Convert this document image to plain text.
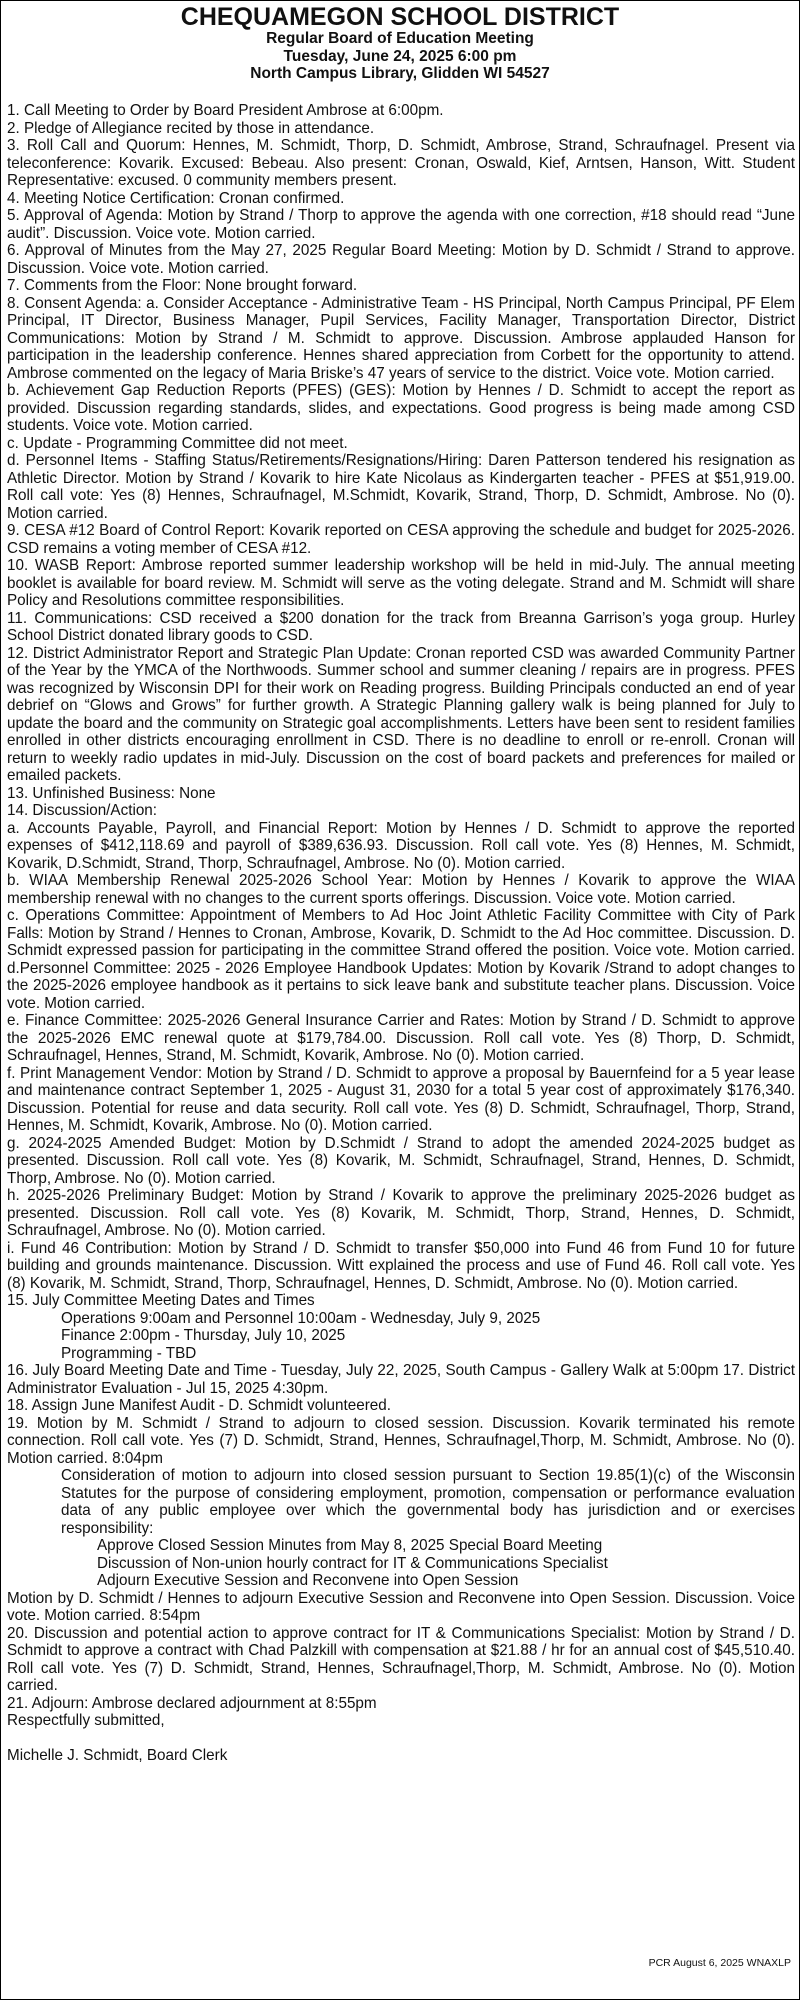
CHEQUAMEGON SCHOOL DISTRICT
Regular Board of Education Meeting
Tuesday, June 24, 2025 6:00 pm
North Campus Library, Glidden WI 54527

1. Call Meeting to Order by Board President Ambrose at 6:00pm.

2. Pledge of Allegiance recited by those in attendance.

3. Roll Call and Quorum: Hennes, M. Schmidt, Thorp, D. Schmidt, Ambrose, Strand, Schraufnagel. Present via teleconference: Kovarik. Excused: Bebeau. Also present: Cronan, Oswald, Kief, Arntsen, Hanson, Witt. Student Representative: excused. 0 community members present.

4. Meeting Notice Certification: Cronan confirmed.

5. Approval of Agenda: Motion by Strand / Thorp to approve the agenda with one correction, #18 should read “June audit”. Discussion. Voice vote. Motion carried.

6. Approval of Minutes from the May 27, 2025 Regular Board Meeting: Motion by D. Schmidt / Strand to approve. Discussion. Voice vote. Motion carried.

7. Comments from the Floor: None brought forward.

8. Consent Agenda: a. Consider Acceptance - Administrative Team - HS Principal, North Campus Principal, PF Elem Principal, IT Director, Business Manager, Pupil Services, Facility Manager, Transportation Director, District Communications: Motion by Strand / M. Schmidt to approve. Discussion. Ambrose applauded Hanson for participation in the leadership conference. Hennes shared appreciation from Corbett for the opportunity to attend. Ambrose commented on the legacy of Maria Briske’s 47 years of service to the district. Voice vote. Motion carried.

b. Achievement Gap Reduction Reports (PFES) (GES): Motion by Hennes / D. Schmidt to accept the report as provided. Discussion regarding standards, slides, and expectations. Good progress is being made among CSD students. Voice vote. Motion carried.

c. Update - Programming Committee did not meet.

d. Personnel Items - Staffing Status/Retirements/Resignations/Hiring: Daren Patterson tendered his resignation as Athletic Director. Motion by Strand / Kovarik to hire Kate Nicolaus as Kindergarten teacher - PFES at $51,919.00. Roll call vote: Yes (8) Hennes, Schraufnagel, M.Schmidt, Kovarik, Strand, Thorp, D. Schmidt, Ambrose. No (0). Motion carried.

9. CESA #12 Board of Control Report: Kovarik reported on CESA approving the schedule and budget for 2025-2026. CSD remains a voting member of CESA #12.

10. WASB Report: Ambrose reported summer leadership workshop will be held in mid-July. The annual meeting booklet is available for board review. M. Schmidt will serve as the voting delegate. Strand and M. Schmidt will share Policy and Resolutions committee responsibilities.

11. Communications: CSD received a $200 donation for the track from Breanna Garrison’s yoga group. Hurley School District donated library goods to CSD.

12. District Administrator Report and Strategic Plan Update: Cronan reported CSD was awarded Community Partner of the Year by the YMCA of the Northwoods. Summer school and summer cleaning / repairs are in progress. PFES was recognized by Wisconsin DPI for their work on Reading progress. Building Principals conducted an end of year debrief on “Glows and Grows” for further growth. A Strategic Planning gallery walk is being planned for July to update the board and the community on Strategic goal accomplishments. Letters have been sent to resident families enrolled in other districts encouraging enrollment in CSD. There is no deadline to enroll or re-enroll. Cronan will return to weekly radio updates in mid-July. Discussion on the cost of board packets and preferences for mailed or emailed packets.

13. Unfinished Business: None

14. Discussion/Action:

a. Accounts Payable, Payroll, and Financial Report: Motion by Hennes / D. Schmidt to approve the reported expenses of $412,118.69 and payroll of $389,636.93. Discussion. Roll call vote. Yes (8) Hennes, M. Schmidt, Kovarik, D.Schmidt, Strand, Thorp, Schraufnagel, Ambrose. No (0). Motion carried.

b. WIAA Membership Renewal 2025-2026 School Year: Motion by Hennes / Kovarik to approve the WIAA membership renewal with no changes to the current sports offerings. Discussion. Voice vote. Motion carried.

c. Operations Committee: Appointment of Members to Ad Hoc Joint Athletic Facility Committee with City of Park Falls: Motion by Strand / Hennes to Cronan, Ambrose, Kovarik, D. Schmidt to the Ad Hoc committee. Discussion. D. Schmidt expressed passion for participating in the committee Strand offered the position. Voice vote. Motion carried. d.Personnel Committee: 2025 - 2026 Employee Handbook Updates: Motion by Kovarik /Strand to adopt changes to the 2025-2026 employee handbook as it pertains to sick leave bank and substitute teacher plans. Discussion. Voice vote. Motion carried.

e. Finance Committee: 2025-2026 General Insurance Carrier and Rates: Motion by Strand / D. Schmidt to approve the 2025-2026 EMC renewal quote at $179,784.00. Discussion. Roll call vote. Yes (8) Thorp, D. Schmidt, Schraufnagel, Hennes, Strand, M. Schmidt, Kovarik, Ambrose. No (0). Motion carried.

f. Print Management Vendor: Motion by Strand / D. Schmidt to approve a proposal by Bauernfeind for a 5 year lease and maintenance contract September 1, 2025 - August 31, 2030 for a total 5 year cost of approximately $176,340. Discussion. Potential for reuse and data security. Roll call vote. Yes (8) D. Schmidt, Schraufnagel, Thorp, Strand, Hennes, M. Schmidt, Kovarik, Ambrose. No (0). Motion carried.

g. 2024-2025 Amended Budget: Motion by D.Schmidt / Strand to adopt the amended 2024-2025 budget as presented. Discussion. Roll call vote. Yes (8) Kovarik, M. Schmidt, Schraufnagel, Strand, Hennes, D. Schmidt, Thorp, Ambrose. No (0). Motion carried.

h. 2025-2026 Preliminary Budget: Motion by Strand / Kovarik to approve the preliminary 2025-2026 budget as presented. Discussion. Roll call vote. Yes (8) Kovarik, M. Schmidt, Thorp, Strand, Hennes, D. Schmidt, Schraufnagel, Ambrose. No (0). Motion carried.

i. Fund 46 Contribution: Motion by Strand / D. Schmidt to transfer $50,000 into Fund 46 from Fund 10 for future building and grounds maintenance. Discussion. Witt explained the process and use of Fund 46. Roll call vote. Yes (8) Kovarik, M. Schmidt, Strand, Thorp, Schraufnagel, Hennes, D. Schmidt, Ambrose. No (0). Motion carried.

15. July Committee Meeting Dates and Times

Operations 9:00am and Personnel 10:00am - Wednesday, July 9, 2025

Finance 2:00pm - Thursday, July 10, 2025

Programming - TBD

16. July Board Meeting Date and Time - Tuesday, July 22, 2025, South Campus - Gallery Walk at 5:00pm 17. District Administrator Evaluation - Jul 15, 2025 4:30pm.

18. Assign June Manifest Audit - D. Schmidt volunteered.

19. Motion by M. Schmidt / Strand to adjourn to closed session. Discussion. Kovarik terminated his remote connection. Roll call vote. Yes (7) D. Schmidt, Strand, Hennes, Schraufnagel,Thorp, M. Schmidt, Ambrose. No (0). Motion carried. 8:04pm

Consideration of motion to adjourn into closed session pursuant to Section 19.85(1)(c) of the Wisconsin Statutes for the purpose of considering employment, promotion, compensation or performance evaluation data of any public employee over which the governmental body has jurisdiction and or exercises responsibility:

Approve Closed Session Minutes from May 8, 2025 Special Board Meeting

Discussion of Non-union hourly contract for IT & Communications Specialist

Adjourn Executive Session and Reconvene into Open Session

Motion by D. Schmidt / Hennes to adjourn Executive Session and Reconvene into Open Session. Discussion. Voice vote. Motion carried. 8:54pm

20. Discussion and potential action to approve contract for IT & Communications Specialist: Motion by Strand / D. Schmidt to approve a contract with Chad Palzkill with compensation at $21.88 / hr for an annual cost of $45,510.40. Roll call vote. Yes (7) D. Schmidt, Strand, Hennes, Schraufnagel,Thorp, M. Schmidt, Ambrose. No (0). Motion carried.

21. Adjourn: Ambrose declared adjournment at 8:55pm

Respectfully submitted,

Michelle J. Schmidt, Board Clerk

PCR August 6, 2025 WNAXLP
